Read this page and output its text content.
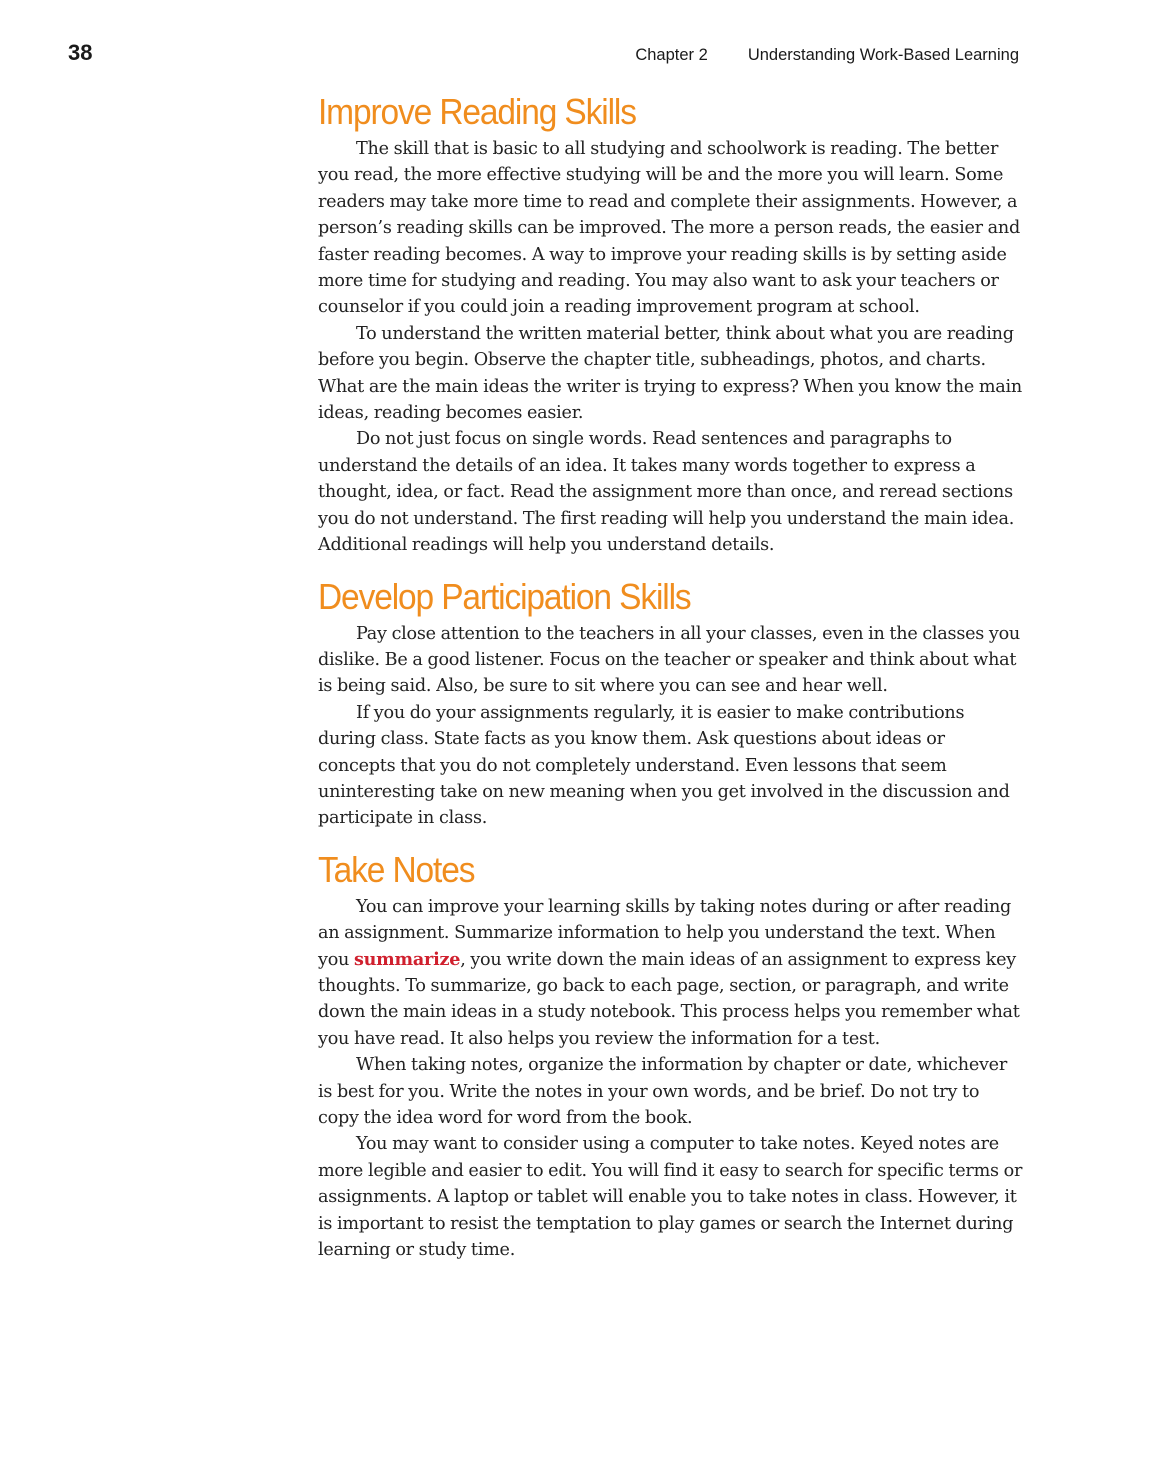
38	Chapter 2 Understanding Work-Based Learning
Improve Reading Skills

The skill that is basic to all studying and schoolwork is reading. The better you read, the more effective studying will be and the more you will learn. Some readers may take more time to read and complete their assignments. However, a person’s reading skills can be improved. The more a person reads, the easier and faster reading becomes. A way to improve your reading skills is by setting aside more time for studying and reading. You may also want to ask your teachers or counselor if you could join a reading improvement program at school.

To understand the written material better, think about what you are reading before you begin. Observe the chapter title, subheadings, photos, and charts. What are the main ideas the writer is trying to express? When you know the main ideas, reading becomes easier.

Do not just focus on single words. Read sentences and paragraphs to understand the details of an idea. It takes many words together to express a thought, idea, or fact. Read the assignment more than once, and reread sections you do not understand. The first reading will help you understand the main idea. Additional readings will help you understand details.

Develop Participation Skills

Pay close attention to the teachers in all your classes, even in the classes you dislike. Be a good listener. Focus on the teacher or speaker and think about what is being said. Also, be sure to sit where you can see and hear well.

If you do your assignments regularly, it is easier to make contributions during class. State facts as you know them. Ask questions about ideas or concepts that you do not completely understand. Even lessons that seem uninteresting take on new meaning when you get involved in the discussion and participate in class.

Take Notes

You can improve your learning skills by taking notes during or after reading an assignment. Summarize information to help you understand the text. When you summarize, you write down the main ideas of an assignment to express key thoughts. To summarize, go back to each page, section, or paragraph, and write down the main ideas in a study notebook. This process helps you remember what you have read. It also helps you review the information for a test.

When taking notes, organize the information by chapter or date, whichever is best for you. Write the notes in your own words, and be brief. Do not try to copy the idea word for word from the book.

You may want to consider using a computer to take notes. Keyed notes are more legible and easier to edit. You will find it easy to search for specific terms or assignments. A laptop or tablet will enable you to take notes in class. However, it is important to resist the temptation to play games or search the Internet during learning or study time.
